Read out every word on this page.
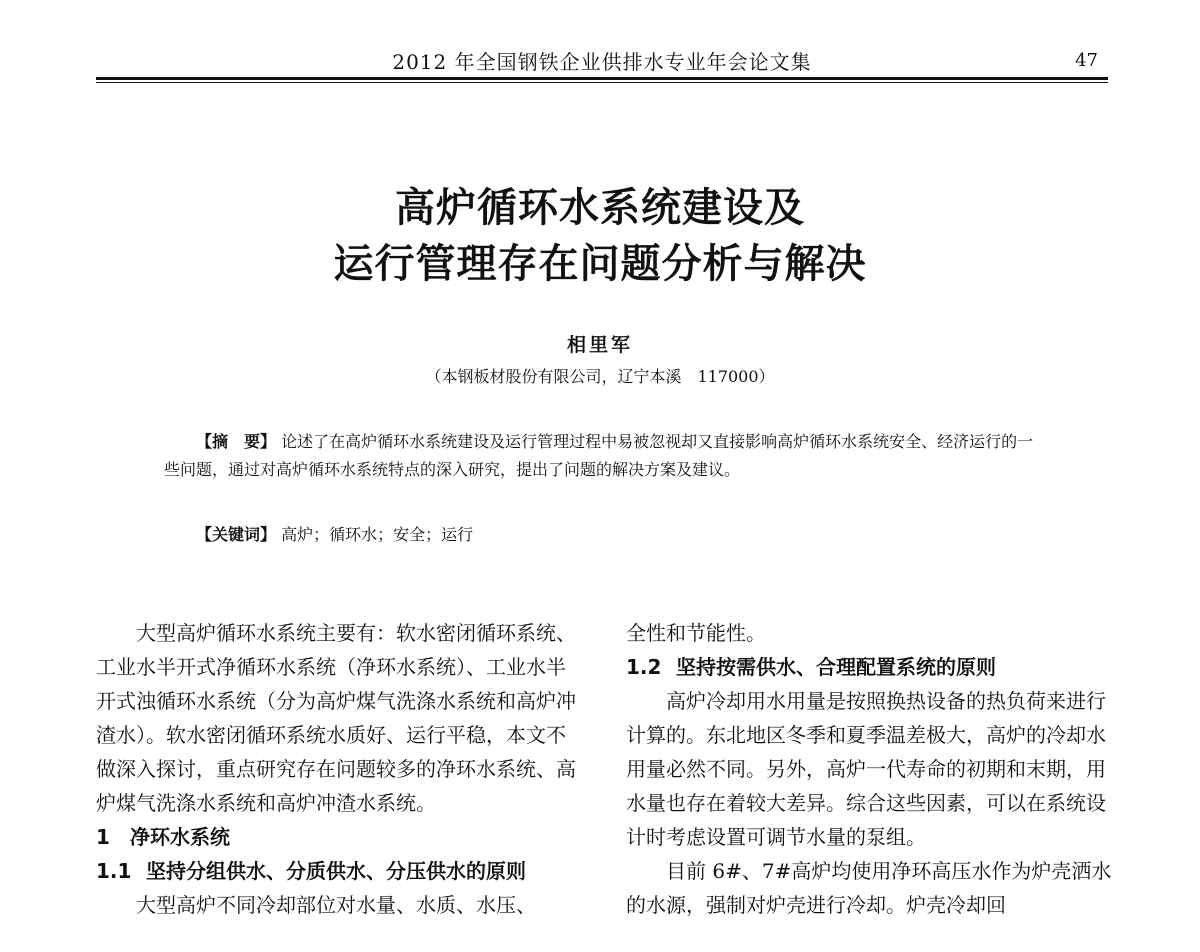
2012 年全国钢铁企业供排水专业年会论文集	47
高炉循环水系统建设及
运行管理存在问题分析与解决
相里军
（本钢板材股份有限公司，辽宁本溪　117000）
【摘　要】 论述了在高炉循环水系统建设及运行管理过程中易被忽视却又直接影响高炉循环水系统安全、经济运行的一些问题，通过对高炉循环水系统特点的深入研究，提出了问题的解决方案及建议。
【关键词】 高炉；循环水；安全；运行

大型高炉循环水系统主要有：软水密闭循环系统、工业水半开式净循环水系统（净环水系统）、工业水半开式浊循环水系统（分为高炉煤气洗涤水系统和高炉冲渣水）。软水密闭循环系统水质好、运行平稳，本文不做深入探讨，重点研究存在问题较多的净环水系统、高炉煤气洗涤水系统和高炉冲渣水系统。

1 净环水系统
1.1 坚持分组供水、分质供水、分压供水的原则

大型高炉不同冷却部位对水量、水质、水压、

全性和节能性。

1.2 坚持按需供水、合理配置系统的原则

高炉冷却用水用量是按照换热设备的热负荷来进行计算的。东北地区冬季和夏季温差极大，高炉的冷却水用量必然不同。另外，高炉一代寿命的初期和末期，用水量也存在着较大差异。综合这些因素，可以在系统设计时考虑设置可调节水量的泵组。

目前 6#、7#高炉均使用净环高压水作为炉壳洒水的水源，强制对炉壳进行冷却。炉壳冷却回
